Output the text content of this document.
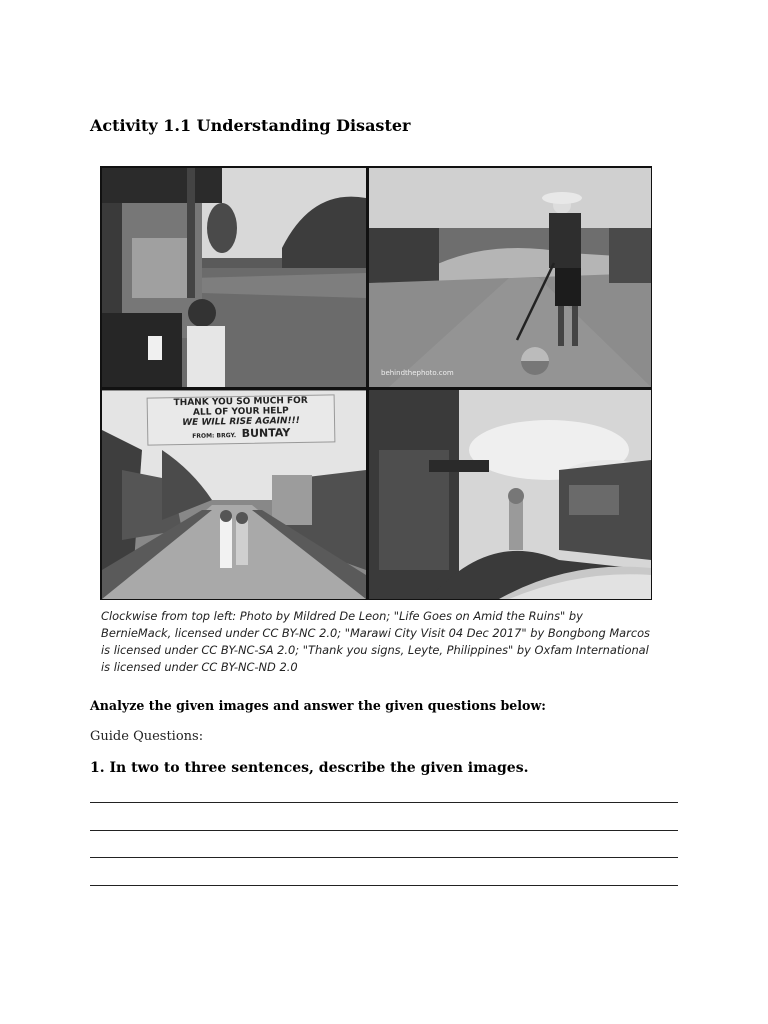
Activity 1.1 Understanding Disaster
behindthephoto.com
THANK YOU SO MUCH FOR
ALL OF YOUR HELP
WE WILL RISE AGAIN!!!
FROM: BRGY. BUNTAY

Clockwise from top left: Photo by Mildred De Leon; "Life Goes on Amid the Ruins" by
BernieMack, licensed under CC BY-NC 2.0; "Marawi City Visit 04 Dec 2017" by Bongbong Marcos
is licensed under CC BY-NC-SA 2.0; "Thank you signs, Leyte, Philippines" by Oxfam International
is licensed under CC BY-NC-ND 2.0

Analyze the given images and answer the given questions below:

Guide Questions:

1. In two to three sentences, describe the given images.
